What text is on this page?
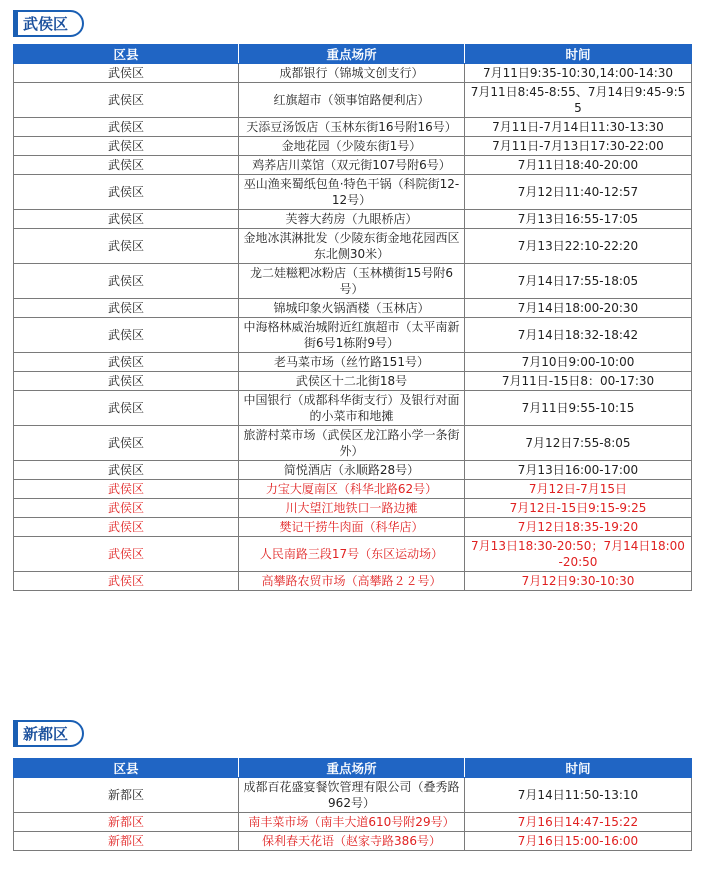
武侯区
区县	重点场所	时间
武侯区	成都银行（锦城文创支行）	7月11日9:35-10:30,14:00-14:30
武侯区	红旗超市（领事馆路便利店）	7月11日8:45-8:55、7月14日9:45-9:55
武侯区	天添豆汤饭店（玉林东街16号附16号）	7月11日-7月14日11:30-13:30
武侯区	金地花园（少陵东街1号）	7月11日-7月13日17:30-22:00
武侯区	鸡荞店川菜馆（双元街107号附6号）	7月11日18:40-20:00
武侯区	巫山渔来蜀纸包鱼·特色干锅（科院街12-12号）	7月12日11:40-12:57
武侯区	芙蓉大药房（九眼桥店）	7月13日16:55-17:05
武侯区	金地冰淇淋批发（少陵东街金地花园西区东北侧30米）	7月13日22:10-22:20
武侯区	龙二娃糍粑冰粉店（玉林横街15号附6号）	7月14日17:55-18:05
武侯区	锦城印象火锅酒楼（玉林店）	7月14日18:00-20:30
武侯区	中海格林威治城附近红旗超市（太平南新街6号1栋附9号）	7月14日18:32-18:42
武侯区	老马菜市场（丝竹路151号）	7月10日9:00-10:00
武侯区	武侯区十二北街18号	7月11日-15日8：00-17:30
武侯区	中国银行（成都科华街支行）及银行对面的小菜市和地摊	7月11日9:55-10:15
武侯区	旅游村菜市场（武侯区龙江路小学一条街外）	7月12日7:55-8:05
武侯区	简悦酒店（永顺路28号）	7月13日16:00-17:00
武侯区	力宝大厦南区（科华北路62号）	7月12日-7月15日
武侯区	川大望江地铁口一路边摊	7月12日-15日9:15-9:25
武侯区	樊记干捞牛肉面（科华店）	7月12日18:35-19:20
武侯区	人民南路三段17号（东区运动场）	7月13日18:30-20:50；7月14日18:00-20:50
武侯区	高攀路农贸市场（高攀路２２号）	7月12日9:30-10:30
新都区
区县	重点场所	时间
新都区	成都百花盛宴餐饮管理有限公司（叠秀路962号）	7月14日11:50-13:10
新都区	南丰菜市场（南丰大道610号附29号）	7月16日14:47-15:22
新都区	保利春天花语（赵家寺路386号）	7月16日15:00-16:00
